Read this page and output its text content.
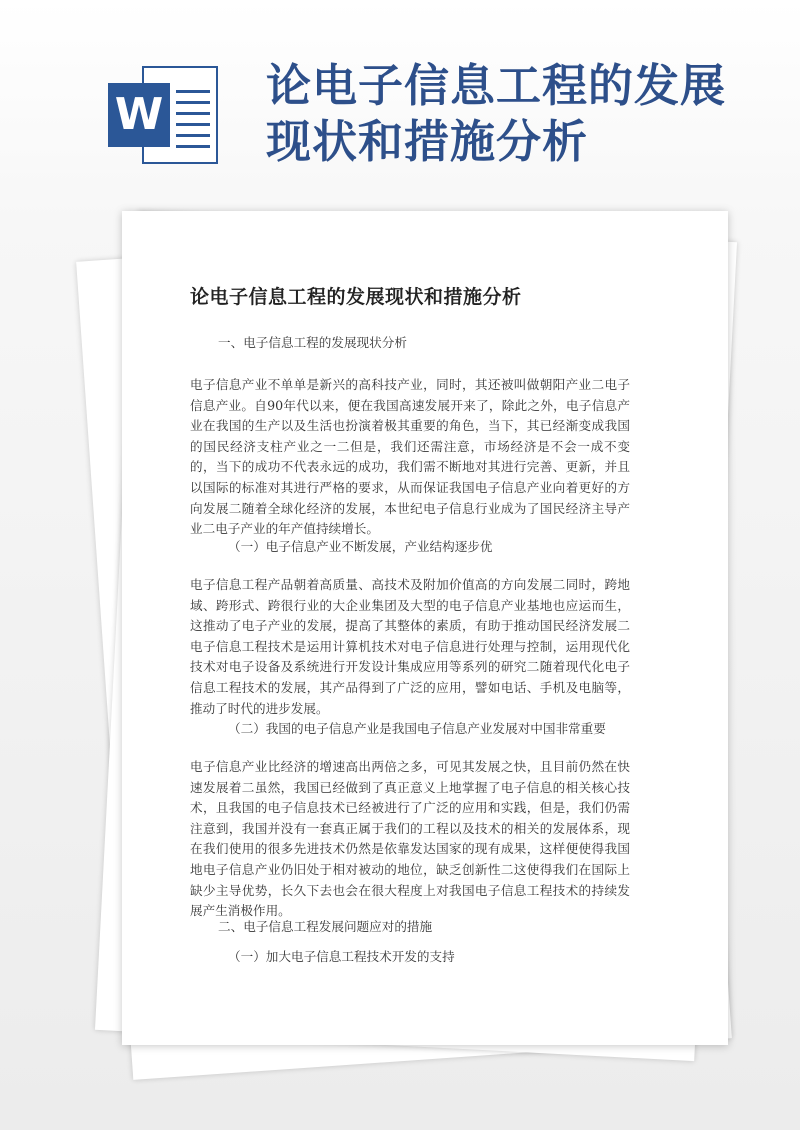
W
论电子信息工程的发展
现状和措施分析
论电子信息工程的发展现状和措施分析

一、电子信息工程的发展现状分析

电子信息产业不单单是新兴的高科技产业，同时，其还被叫做朝阳产业二电子信息产业。自90年代以来，便在我国高速发展开来了，除此之外，电子信息产业在我国的生产以及生活也扮演着极其重要的角色，当下，其已经渐变成我国的国民经济支柱产业之一二但是，我们还需注意，市场经济是不会一成不变的，当下的成功不代表永远的成功，我们需不断地对其进行完善、更新，并且以国际的标准对其进行严格的要求，从而保证我国电子信息产业向着更好的方向发展二随着全球化经济的发展，本世纪电子信息行业成为了国民经济主导产业二电子产业的年产值持续增长。

（一）电子信息产业不断发展，产业结构逐步优

电子信息工程产品朝着高质量、高技术及附加价值高的方向发展二同时，跨地域、跨形式、跨很行业的大企业集团及大型的电子信息产业基地也应运而生，这推动了电子产业的发展，提高了其整体的素质，有助于推动国民经济发展二电子信息工程技术是运用计算机技术对电子信息进行处理与控制，运用现代化技术对电子设备及系统进行开发设计集成应用等系列的研究二随着现代化电子信息工程技术的发展，其产品得到了广泛的应用，譬如电话、手机及电脑等，推动了时代的进步发展。

（二）我国的电子信息产业是我国电子信息产业发展对中国非常重要

电子信息产业比经济的增速高出两倍之多，可见其发展之快，且目前仍然在快速发展着二虽然，我国已经做到了真正意义上地掌握了电子信息的相关核心技术，且我国的电子信息技术已经被进行了广泛的应用和实践，但是，我们仍需注意到，我国并没有一套真正属于我们的工程以及技术的相关的发展体系，现在我们使用的很多先进技术仍然是依靠发达国家的现有成果，这样便使得我国地电子信息产业仍旧处于相对被动的地位，缺乏创新性二这使得我们在国际上缺少主导优势，长久下去也会在很大程度上对我国电子信息工程技术的持续发展产生消极作用。

二、电子信息工程发展问题应对的措施

（一）加大电子信息工程技术开发的支持
